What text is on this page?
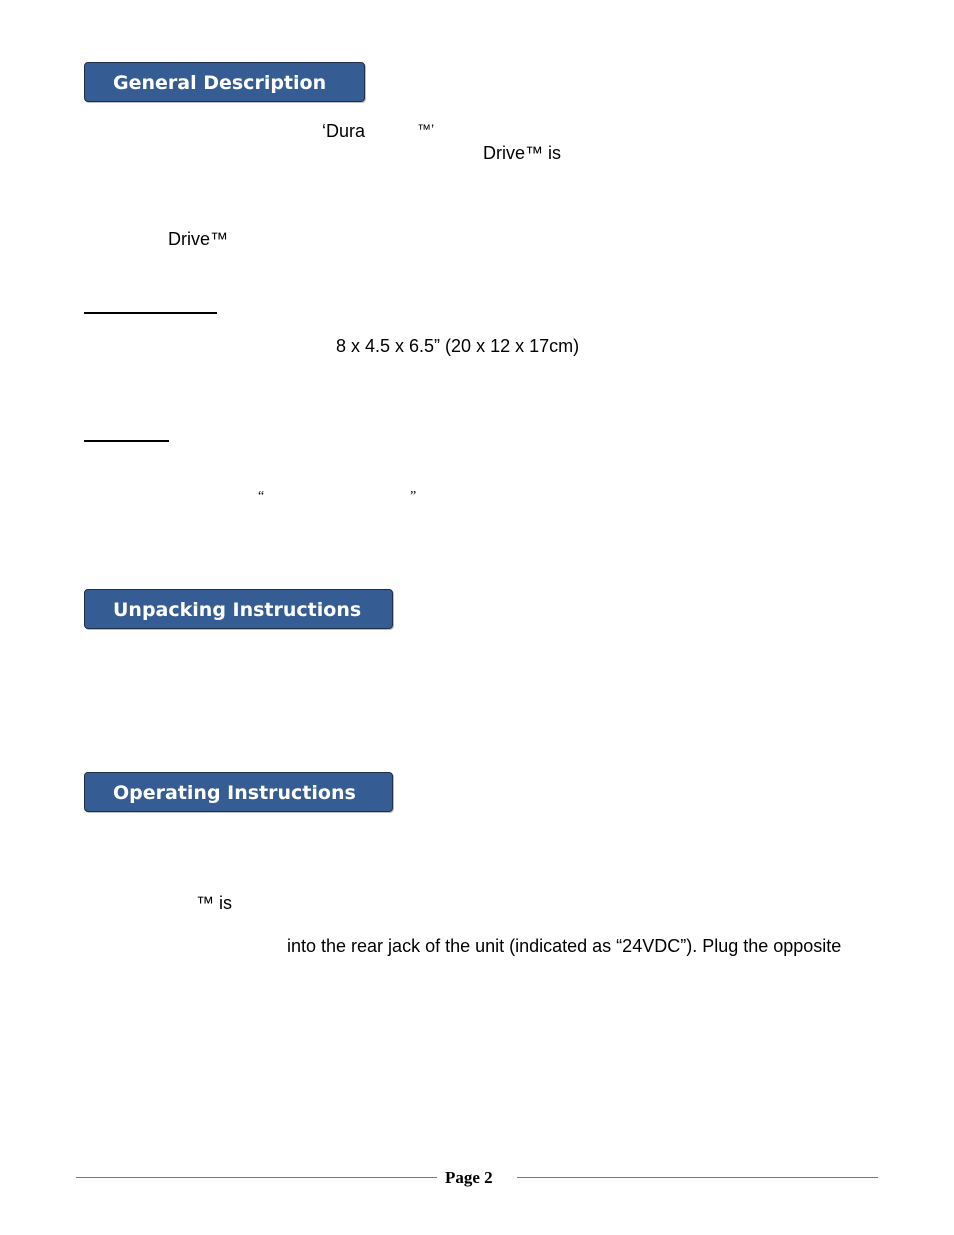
General Description
‘Dura	™’
Drive™ is
Drive™
8 x 4.5 x 6.5” (20 x 12 x 17cm)
“	”
Unpacking Instructions
Operating Instructions
™ is
into the rear jack of the unit (indicated as “24VDC”). Plug the opposite
Page 2
